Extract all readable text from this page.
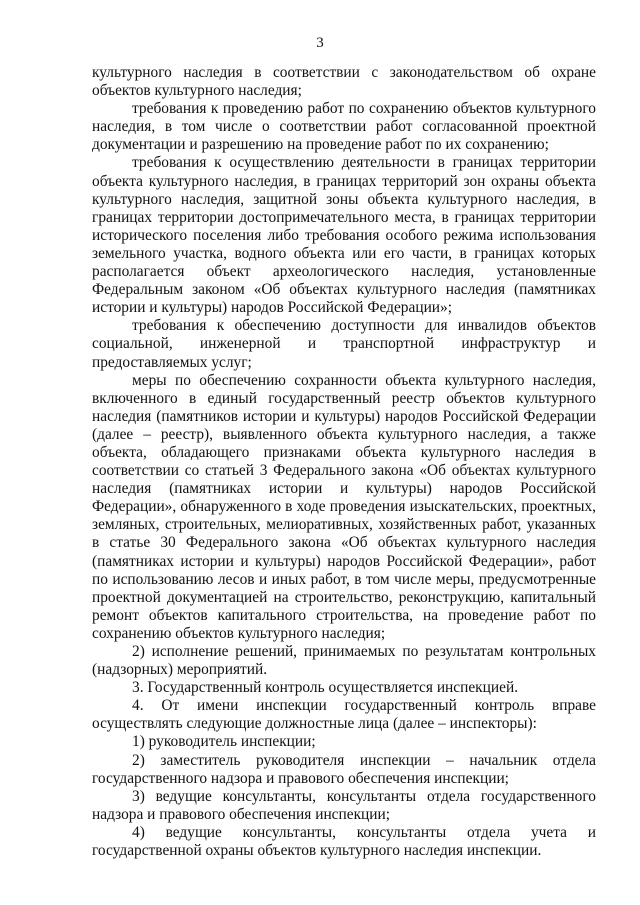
3

культурного наследия в соответствии с законодательством об охране объектов культурного наследия;

требования к проведению работ по сохранению объектов культурного наследия, в том числе о соответствии работ согласованной проектной документации и разрешению на проведение работ по их сохранению;

требования к осуществлению деятельности в границах территории объекта культурного наследия, в границах территорий зон охраны объекта культурного наследия, защитной зоны объекта культурного наследия, в границах территории достопримечательного места, в границах территории исторического поселения либо требования особого режима использования земельного участка, водного объекта или его части, в границах которых располагается объект археологического наследия, установленные Федеральным законом «Об объектах культурного наследия (памятниках истории и культуры) народов Российской Федерации»;

требования к обеспечению доступности для инвалидов объектов социальной, инженерной и транспортной инфраструктур и предоставляемых услуг;

меры по обеспечению сохранности объекта культурного наследия, включенного в единый государственный реестр объектов культурного наследия (памятников истории и культуры) народов Российской Федерации (далее – реестр), выявленного объекта культурного наследия, а также объекта, обладающего признаками объекта культурного наследия в соответствии со статьей 3 Федерального закона «Об объектах культурного наследия (памятниках истории и культуры) народов Российской Федерации», обнаруженного в ходе проведения изыскательских, проектных, земляных, строительных, мелиоративных, хозяйственных работ, указанных в статье 30 Федерального закона «Об объектах культурного наследия (памятниках истории и культуры) народов Российской Федерации», работ по использованию лесов и иных работ, в том числе меры, предусмотренные проектной документацией на строительство, реконструкцию, капитальный ремонт объектов капитального строительства, на проведение работ по сохранению объектов культурного наследия;

2) исполнение решений, принимаемых по результатам контрольных (надзорных) мероприятий.

3. Государственный контроль осуществляется инспекцией.

4. От имени инспекции государственный контроль вправе осуществлять следующие должностные лица (далее – инспекторы):

1) руководитель инспекции;

2) заместитель руководителя инспекции – начальник отдела государственного надзора и правового обеспечения инспекции;

3) ведущие консультанты, консультанты отдела государственного надзора и правового обеспечения инспекции;

4) ведущие консультанты, консультанты отдела учета и государственной охраны объектов культурного наследия инспекции.
